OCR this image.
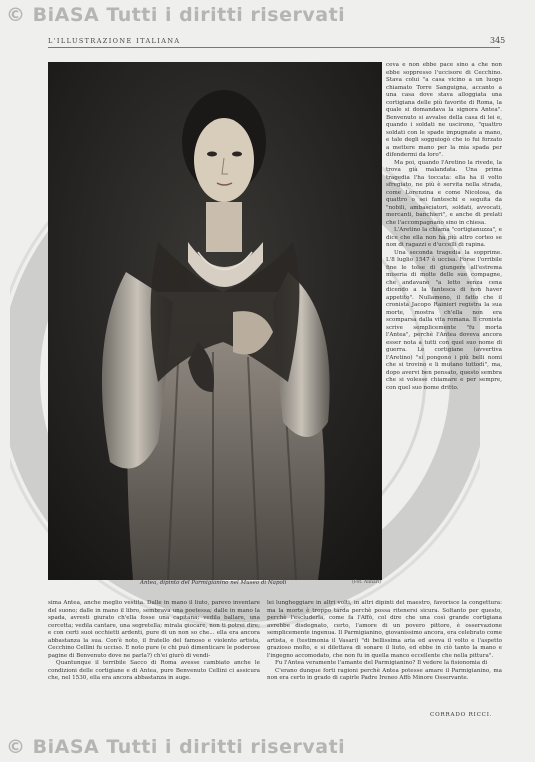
© BiASA Tutti i diritti riservati
L'ILLUSTRAZIONE ITALIANA	345
Antea, dipinto del Parmigianino nel Museo di Napoli	(Fot. Alinari)

ceva e non ebbe pace sino a che non ebbe soppresso l'uccisore di Cecchino. Stava colui "a casa vicino a un luogo chiamato Torre Sanguigna, accanto a una casa dove stava alloggiata una cortigiana delle più favorite di Roma, la quale si domandava la signora Antea". Benvenuto si avvalse della casa di lei e, quando i soldati ne uscirono, "quattro soldati con le spade impugnate a mano, e tale degli sogguiogò che io fui forzato a mettere mano per la mia spada per difendermi da loro".

Ma poi, quando l'Aretino la rivede, la trova già malandata. Una prima tragedia l'ha toccata: ella ha il volto sfregiato, ne più è servita nella strada, come Lorenzina e come Nicolosa, da quattro o sei fanteschi e seguita da "nobili, ambasciatori, soldati, avvocati, mercanti, banchieri", e anche di prelati che l'accompagnano sino in chiesa.

L'Aretino la chiama "cortigianuzza", e dice che ella non ha più altro corteo se non di ragazzi e d'uccelli di rapina.

Una seconda tragedia la sopprime. L'8 luglio 1547 è uccisa. Forse l'orribile fine le tolse di giungere all'estrema miseria di molte delle sue compagne, che andavano "a letto senza cena dicendo a la fantesca di non haver appetito". Nullameno, il fatto che il cronista Jacopo Rainieri registra la sua morte, mostra ch'ella non era scomparsa dalla vita romana. Il cronista scrive semplicemente "fu morta l'Antea", perchè l'Antea doveva ancora esser nota a tutti con quel suo nome di guerra. Le cortigiane (avvertiva l'Aretino) "si pongono i più belli nomi che si trovino e li mutano tuttodì", ma, dopo avervi ben pensato, questo sembra che si volesse chiamare e per sempre, con quel suo nome dritto.

sima Antea, anche meglio vestita. Dalle in mano il liuto, parevo inventare del suono; dalle in mano il libro, sembrava una poetessa; dalle in mano la spada, avresti giurato ch'ella fosse una capitana; vedila ballare, una cercetta; vedila cantare, una segretella; mirala giocare, non ti potrei dire; e con certi suoi occhietti ardenti, pure di un non so che... ella era ancora abbastanza la sua. Con'è noto, il fratello del famoso e violento artista, Cecchino Cellini fu ucciso. E noto pure (e chi può dimenticare le poderose pagine di Benvenuto dove ne parla?) ch'ei giurò di vendi-

Quantunque il terribile Sacco di Roma avesse cambiato anche le condizioni delle cortigiane e di Antea, pure Benvenuto Cellini ci assicura che, nel 1530, ella era ancora abbastanza in auge.

lei lungheggiare in altri volti, in altri dipinti del maestro, favorisce la congettura: ma la morte è troppo tarda perchè possa ritenersi sicura. Soltanto per questo, perchè l'escluderla, come fa l'Affò, col dire che una così grande cortigiana avrebbe disdegnato, certo, l'amore di un povero pittore, è osservazione semplicemente ingenua. Il Parmigianino, giovanissimo ancora, era celebrato come artista, e (testimonia il Vasari) "di bellissima aria ed aveva il volto e l'aspetto grazioso molto, e si dilettava di sonare il liuto, ed ebbe in ciò tanto la mano e l'ingegno accomodato, che non fu in quella manco eccellente che nella pittura".

Fu l'Antea veramente l'amante del Parmigianino? Il vedere la fisionomia di

C'erano dunque forti ragioni perchè Antea potesse amare il Parmigianino, ma non era certo in grado di capirle Padre Ireneo Affò Minore Osservante.

CORRADO RICCI.
© BiASA Tutti i diritti riservati
